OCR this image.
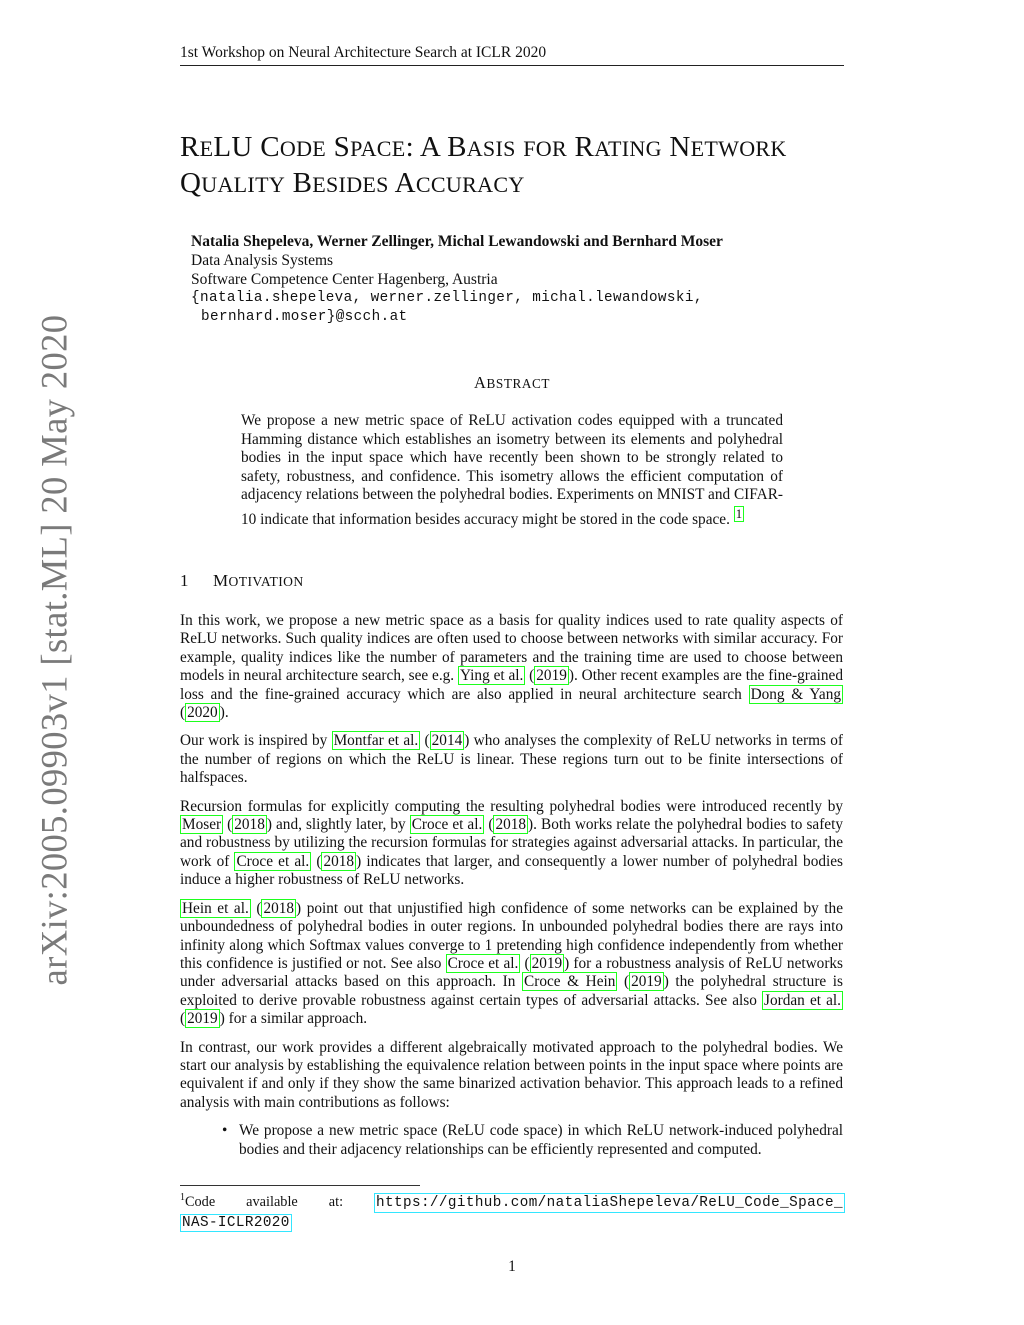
1st Workshop on Neural Architecture Search at ICLR 2020
arXiv:2005.09903v1 [stat.ML] 20 May 2020
RELU CODE SPACE: A BASIS FOR RATING NETWORK
QUALITY BESIDES ACCURACY
Natalia Shepeleva, Werner Zellinger, Michal Lewandowski and Bernhard Moser
Data Analysis Systems
Software Competence Center Hagenberg, Austria
{natalia.shepeleva, werner.zellinger, michal.lewandowski,
bernhard.moser}@scch.at
ABSTRACT
We propose a new metric space of ReLU activation codes equipped with a truncated Hamming distance which establishes an isometry between its elements and polyhedral bodies in the input space which have recently been shown to be strongly related to safety, robustness, and confidence. This isometry allows the efficient computation of adjacency relations between the polyhedral bodies. Experiments on MNIST and CIFAR-10 indicate that information besides accuracy might be stored in the code space. $^1$
1 MOTIVATION

In this work, we propose a new metric space as a basis for quality indices used to rate quality aspects of ReLU networks. Such quality indices are often used to choose between networks with similar accuracy. For example, quality indices like the number of parameters and the training time are used to choose between models in neural architecture search, see e.g. Ying et al. ( 2019 ). Other recent examples are the fine-grained loss and the fine-grained accuracy which are also applied in neural architecture search Dong & Yang ( 2020 ).

Our work is inspired by Montfar et al. ( 2014 ) who analyses the complexity of ReLU networks in terms of the number of regions on which the ReLU is linear. These regions turn out to be finite intersections of halfspaces.

Recursion formulas for explicitly computing the resulting polyhedral bodies were introduced recently by Moser ( 2018 ) and, slightly later, by Croce et al. ( 2018 ). Both works relate the polyhedral bodies to safety and robustness by utilizing the recursion formulas for strategies against adversarial attacks. In particular, the work of Croce et al. ( 2018 ) indicates that larger, and consequently a lower number of polyhedral bodies induce a higher robustness of ReLU networks.

Hein et al. ( 2018 ) point out that unjustified high confidence of some networks can be explained by the unboundedness of polyhedral bodies in outer regions. In unbounded polyhedral bodies there are rays into infinity along which Softmax values converge to 1 pretending high confidence independently from whether this confidence is justified or not. See also Croce et al. ( 2019 ) for a robustness analysis of ReLU networks under adversarial attacks based on this approach. In Croce & Hein ( 2019 ) the polyhedral structure is exploited to derive provable robustness against certain types of adversarial attacks. See also Jordan et al. ( 2019 ) for a similar approach.

In contrast, our work provides a different algebraically motivated approach to the polyhedral bodies. We start our analysis by establishing the equivalence relation between points in the input space where points are equivalent if and only if they show the same binarized activation behavior. This approach leads to a refined analysis with main contributions as follows:

• We propose a new metric space (ReLU code space) in which ReLU network-induced polyhedral bodies and their adjacency relationships can be efficiently represented and computed.
$^1$Code available at: https://github.com/nataliaShepeleva/ReLU_Code_Space_
NAS-ICLR2020
1
